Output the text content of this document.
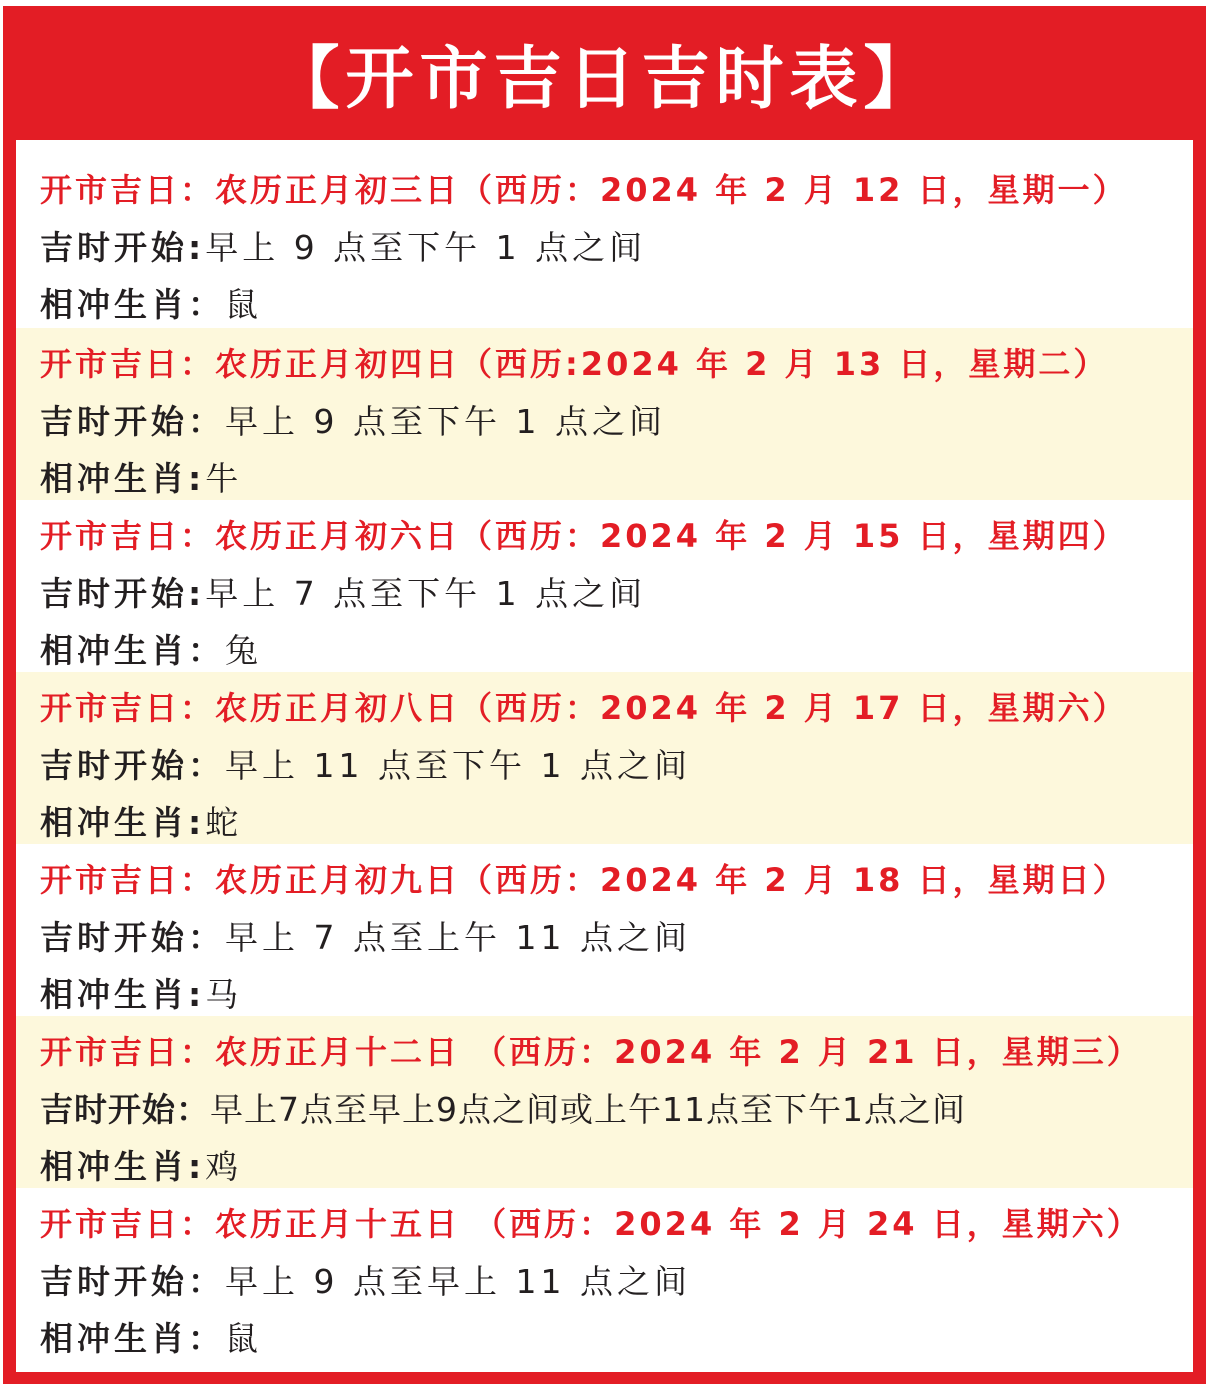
【开市吉日吉时表】
开市吉日：农历正月初三日（西历：2024 年 2 月 12 日，星期一）
吉时开始:早上 9 点至下午 1 点之间
相冲生肖：鼠
开市吉日：农历正月初四日（西历:2024 年 2 月 13 日，星期二）
吉时开始：早上 9 点至下午 1 点之间
相冲生肖:牛
开市吉日：农历正月初六日（西历：2024 年 2 月 15 日，星期四）
吉时开始:早上 7 点至下午 1 点之间
相冲生肖：兔
开市吉日：农历正月初八日（西历：2024 年 2 月 17 日，星期六）
吉时开始：早上 11 点至下午 1 点之间
相冲生肖:蛇
开市吉日：农历正月初九日（西历：2024 年 2 月 18 日，星期日）
吉时开始：早上 7 点至上午 11 点之间
相冲生肖:马
开市吉日：农历正月十二日 （西历：2024 年 2 月 21 日，星期三）
吉时开始：早上7点至早上9点之间或上午11点至下午1点之间
相冲生肖:鸡
开市吉日：农历正月十五日 （西历：2024 年 2 月 24 日，星期六）
吉时开始：早上 9 点至早上 11 点之间
相冲生肖：鼠
